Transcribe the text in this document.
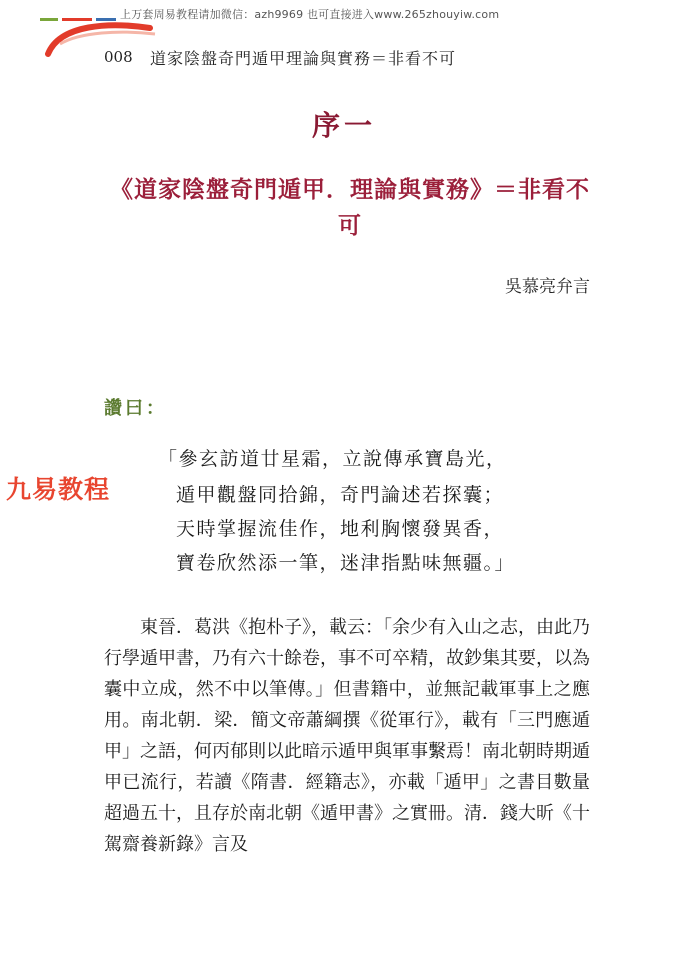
上万套周易教程请加微信：azh9969 也可直接进入www.265zhouyiw.com
008 道家陰盤奇門遁甲理論與實務＝非看不可
序一
《道家陰盤奇門遁甲．理論與實務》＝非看不可
吳慕亮弁言
讚曰：
九易教程
「參玄訪道廿星霜，立說傳承寶島光，
遁甲觀盤同拾錦，奇門論述若探囊；
天時掌握流佳作，地利胸懷發異香，
寶卷欣然添一筆，迷津指點味無疆。」

東晉．葛洪《抱朴子》，載云：「余少有入山之志，由此乃行學遁甲書，乃有六十餘卷，事不可卒精，故鈔集其要，以為囊中立成，然不中以筆傳。」但書籍中，並無記載軍事上之應用。南北朝．梁．簡文帝蕭綱撰《從軍行》，載有「三門應遁甲」之語，何丙郁則以此暗示遁甲與軍事繫焉！南北朝時期遁甲已流行，若讀《隋書．經籍志》，亦載「遁甲」之書目數量超過五十，且存於南北朝《遁甲書》之實冊。清．錢大昕《十駕齋養新錄》言及
